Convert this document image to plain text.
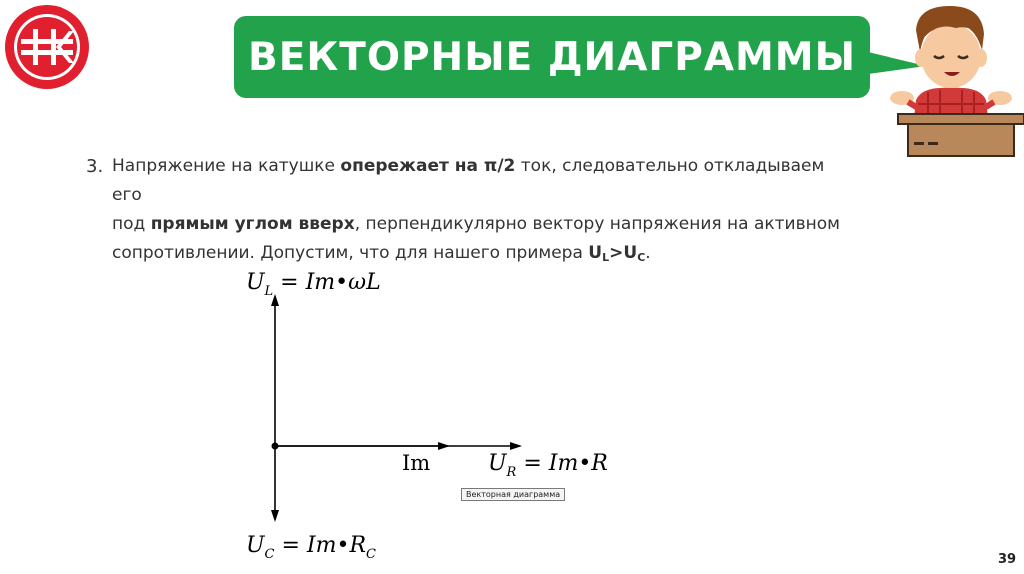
ВЕКТОРНЫЕ ДИАГРАММЫ
3. Напряжение на катушке опережает на π/2 ток, следовательно откладываем его
под прямым углом вверх, перпендикулярно вектору напряжения на активном
сопротивлении. Допустим, что для нашего примера $U_L>U_C$.
$U_L$ = Im•ωL
Im	$U_R$ = Im•R
$U_C$ = $Im•R_C$
Векторная диаграмма
39
